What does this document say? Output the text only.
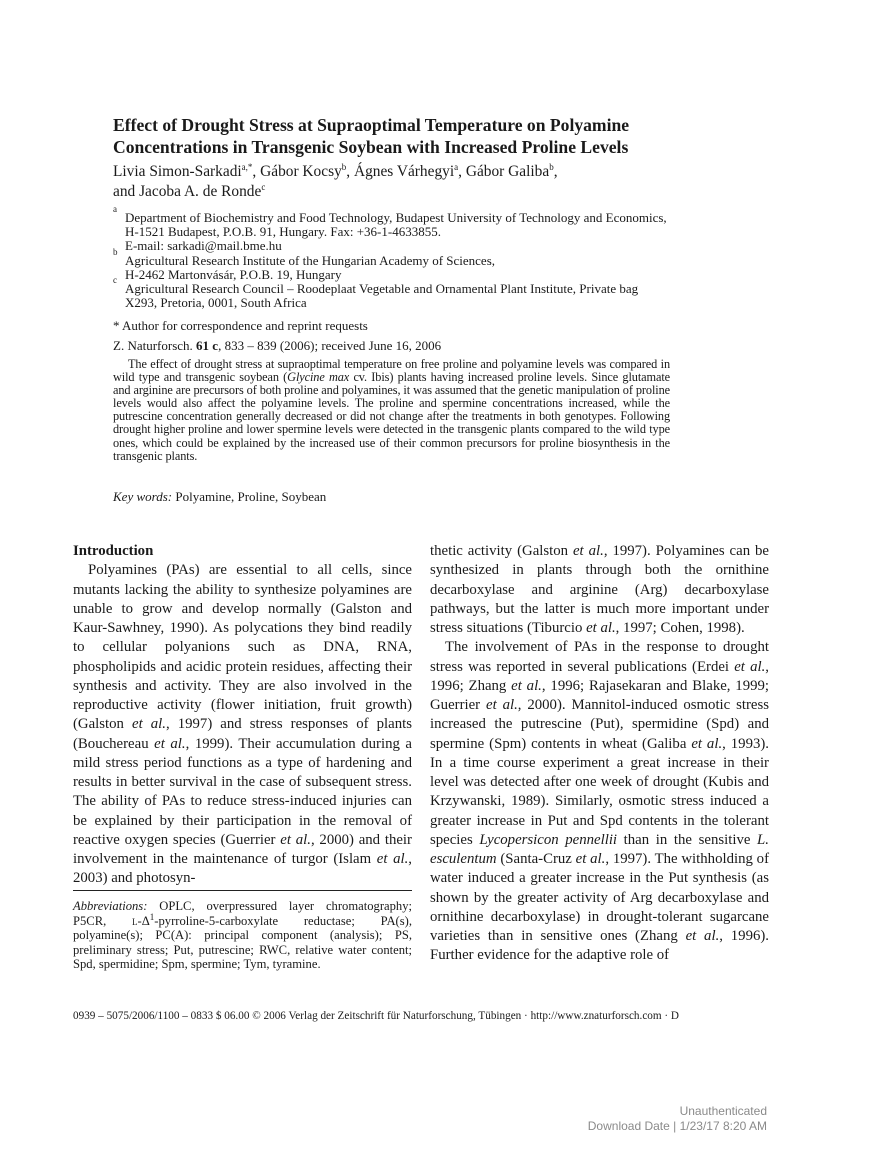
Effect of Drought Stress at Supraoptimal Temperature on Polyamine Concentrations in Transgenic Soybean with Increased Proline Levels
Livia Simon-Sarkadi$^{a,*}$, Gábor Kocsy$^b$, Ágnes Várhegyi$^a$, Gábor Galiba$^b$,
and Jacoba A. de Ronde$^c$
a
Department of Biochemistry and Food Technology, Budapest University of Technology and Economics, H-1521 Budapest, P.O.B. 91, Hungary. Fax: +36-1-4633855.
E-mail: sarkadi@mail.bme.hu
b
Agricultural Research Institute of the Hungarian Academy of Sciences,
H-2462 Martonvásár, P.O.B. 19, Hungary
c
Agricultural Research Council – Roodeplaat Vegetable and Ornamental Plant Institute, Private bag X293, Pretoria, 0001, South Africa
* Author for correspondence and reprint requests
Z. Naturforsch. 61 c, 833 – 839 (2006); received June 16, 2006
The effect of drought stress at supraoptimal temperature on free proline and polyamine levels was compared in wild type and transgenic soybean (Glycine max cv. Ibis) plants having increased proline levels. Since glutamate and arginine are precursors of both proline and polyamines, it was assumed that the genetic manipulation of proline levels would also affect the polyamine levels. The proline and spermine concentrations increased, while the putrescine concentration generally decreased or did not change after the treatments in both genotypes. Following drought higher proline and lower spermine levels were detected in the transgenic plants compared to the wild type ones, which could be explained by the increased use of their common precursors for proline biosynthesis in the transgenic plants.
Key words: Polyamine, Proline, Soybean
Introduction

Polyamines (PAs) are essential to all cells, since mutants lacking the ability to synthesize polyamines are unable to grow and develop normally (Galston and Kaur-Sawhney, 1990). As polycations they bind readily to cellular polyanions such as DNA, RNA, phospholipids and acidic protein residues, affecting their synthesis and activity. They are also involved in the reproductive activity (flower initiation, fruit growth) (Galston et al., 1997) and stress responses of plants (Bouchereau et al., 1999). Their accumulation during a mild stress period functions as a type of hardening and results in better survival in the case of subsequent stress. The ability of PAs to reduce stress-induced injuries can be explained by their participation in the removal of reactive oxygen species (Guerrier et al., 2000) and their involvement in the maintenance of turgor (Islam et al., 2003) and photosyn-

Abbreviations: OPLC, overpressured layer chromatography; P5CR, $l-\Delta^1-pyrroline-5$-carboxylate reductase; PA(s), polyamine(s); PC(A): principal component (analysis); PS, preliminary stress; Put, putrescine; RWC, relative water content; Spd, spermidine; Spm, spermine; Tym, tyramine.

thetic activity (Galston et al., 1997). Polyamines can be synthesized in plants through both the ornithine decarboxylase and arginine (Arg) decarboxylase pathways, but the latter is much more important under stress situations (Tiburcio et al., 1997; Cohen, 1998).

The involvement of PAs in the response to drought stress was reported in several publications (Erdei et al., 1996; Zhang et al., 1996; Rajasekaran and Blake, 1999; Guerrier et al., 2000). Mannitol-induced osmotic stress increased the putrescine (Put), spermidine (Spd) and spermine (Spm) contents in wheat (Galiba et al., 1993). In a time course experiment a great increase in their level was detected after one week of drought (Kubis and Krzywanski, 1989). Similarly, osmotic stress induced a greater increase in Put and Spd contents in the tolerant species Lycopersicon pennellii than in the sensitive L. esculentum (Santa-Cruz et al., 1997). The withholding of water induced a greater increase in the Put synthesis (as shown by the greater activity of Arg decarboxylase and ornithine decarboxylase) in drought-tolerant sugarcane varieties than in sensitive ones (Zhang et al., 1996). Further evidence for the adaptive role of

0939 – 5075/2006/1100 – 0833 $ 06.00 © 2006 Verlag der Zeitschrift für Naturforschung, Tübingen · http://www.znaturforsch.com · D
Unauthenticated
Download Date | 1/23/17 8:20 AM
